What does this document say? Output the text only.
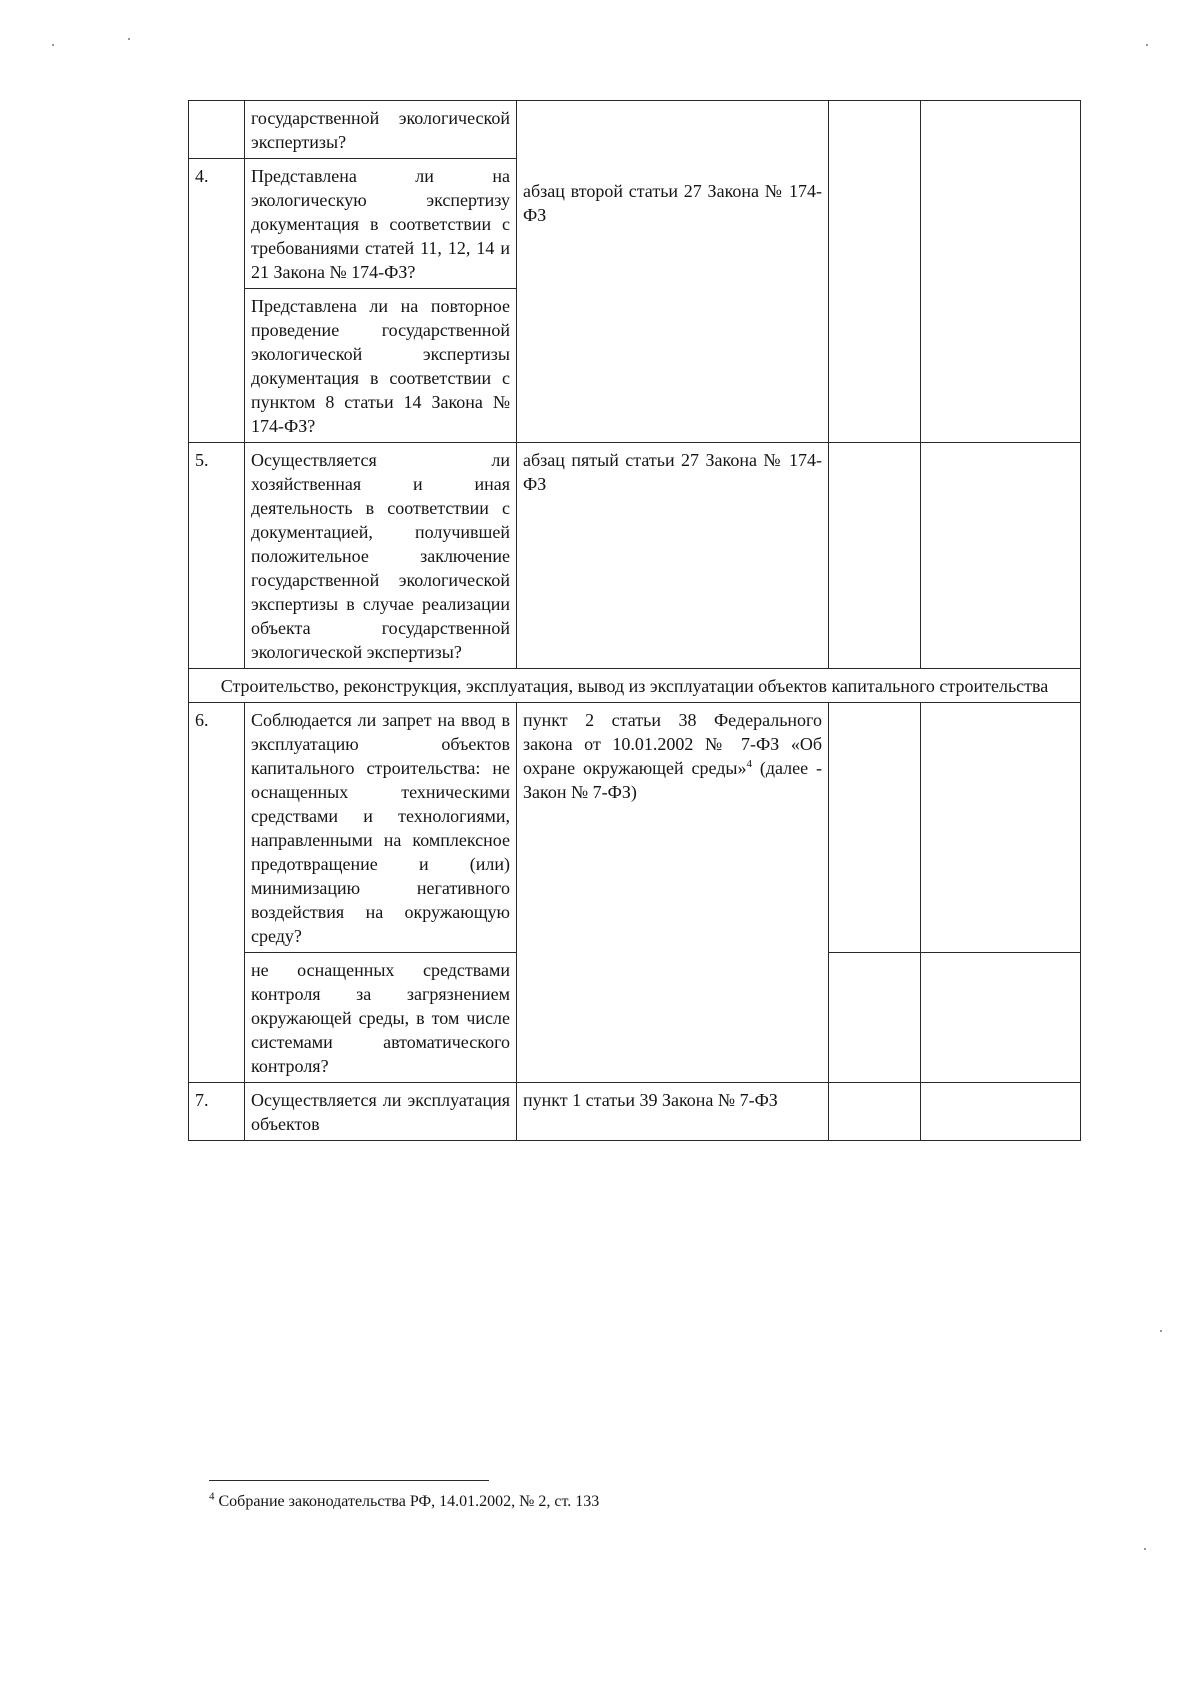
	государственной экологической экспертизы?	абзац второй статьи 27 Закона № 174-ФЗ		
4.	Представлена ли на экологическую экспертизу документация в соответствии с требованиями статей 11, 12, 14 и 21 Закона № 174-ФЗ?			
	Представлена ли на повторное проведение государственной экологической экспертизы документация в соответствии с пунктом 8 статьи 14 Закона № 174-ФЗ?			
5.	Осуществляется ли хозяйственная и иная деятельность в соответствии с документацией, получившей положительное заключение государственной экологической экспертизы в случае реализации объекта государственной экологической экспертизы?	абзац пятый статьи 27 Закона № 174-ФЗ		
Строительство, реконструкция, эксплуатация, вывод из эксплуатации объектов капитального строительства				
6.	Соблюдается ли запрет на ввод в эксплуатацию объектов капитального строительства: не оснащенных техническими средствами и технологиями, направленными на комплексное предотвращение и (или) минимизацию негативного воздействия на окружающую среду?	пункт 2 статьи 38 Федерального закона от 10.01.2002 № 7-ФЗ «Об охране окружающей среды»$^4$ (далее - Закон № 7-ФЗ)		
	не оснащенных средствами контроля за загрязнением окружающей среды, в том числе системами автоматического контроля?			
7.	Осуществляется ли эксплуатация объектов	пункт 1 статьи 39 Закона № 7-ФЗ		
$^4$ Собрание законодательства РФ, 14.01.2002, № 2, ст. 133
